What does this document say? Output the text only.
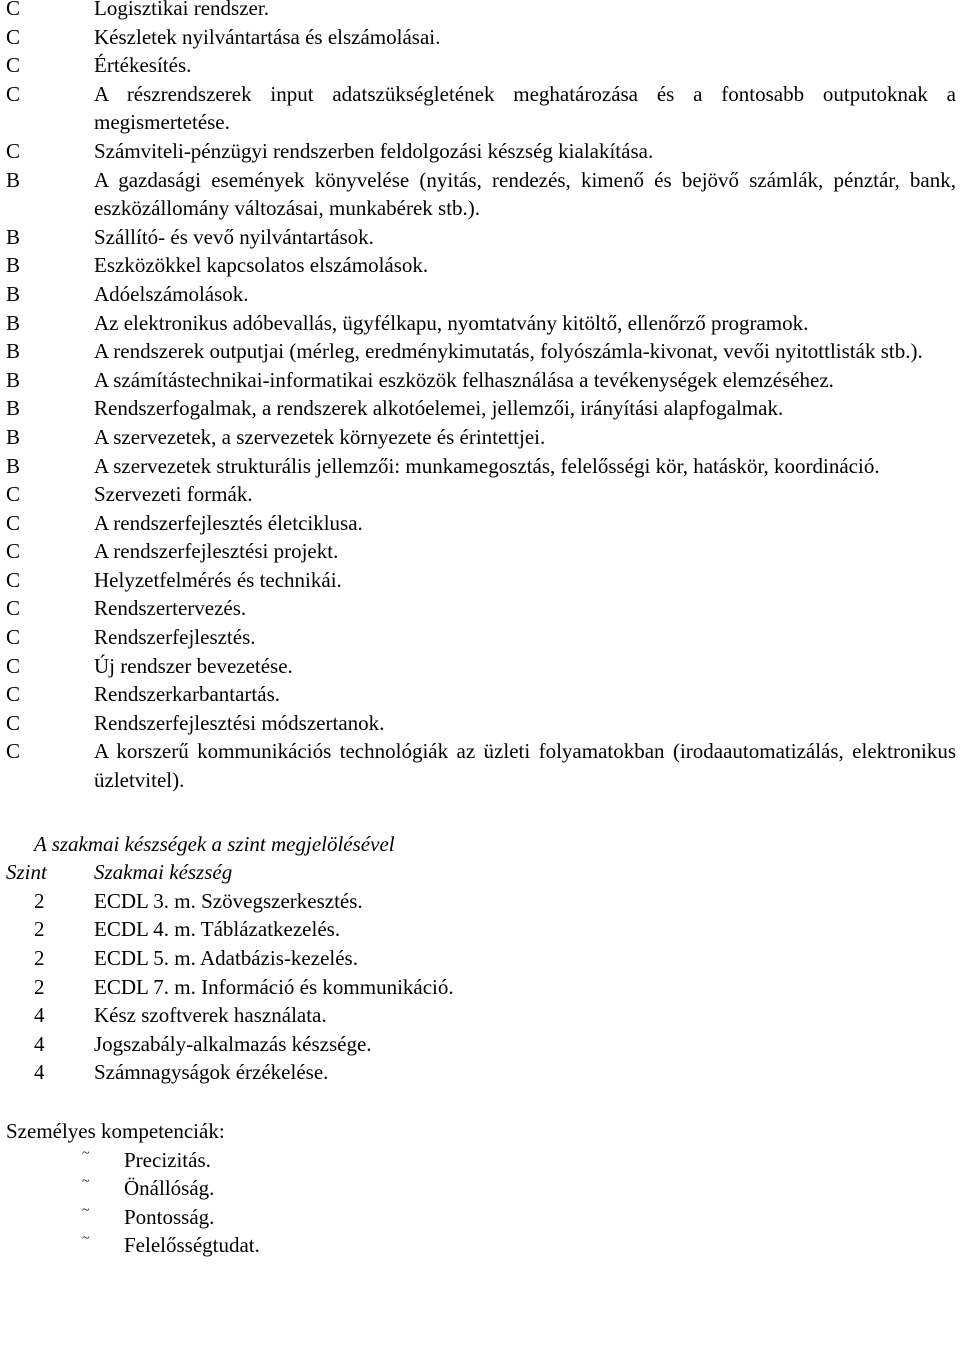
C	Logisztikai rendszer.
C	Készletek nyilvántartása és elszámolásai.
C	Értékesítés.
C	A részrendszerek input adatszükségletének meghatározása és a fontosabb outputoknak a megismertetése.
C	Számviteli-pénzügyi rendszerben feldolgozási készség kialakítása.
B	A gazdasági események könyvelése (nyitás, rendezés, kimenő és bejövő számlák, pénztár, bank, eszközállomány változásai, munkabérek stb.).
B	Szállító- és vevő nyilvántartások.
B	Eszközökkel kapcsolatos elszámolások.
B	Adóelszámolások.
B	Az elektronikus adóbevallás, ügyfélkapu, nyomtatvány kitöltő, ellenőrző programok.
B	A rendszerek outputjai (mérleg, eredménykimutatás, folyószámla-kivonat, vevői nyitottlisták stb.).
B	A számítástechnikai-informatikai eszközök felhasználása a tevékenységek elemzéséhez.
B	Rendszerfogalmak, a rendszerek alkotóelemei, jellemzői, irányítási alapfogalmak.
B	A szervezetek, a szervezetek környezete és érintettjei.
B	A szervezetek strukturális jellemzői: munkamegosztás, felelősségi kör, hatáskör, koordináció.
C	Szervezeti formák.
C	A rendszerfejlesztés életciklusa.
C	A rendszerfejlesztési projekt.
C	Helyzetfelmérés és technikái.
C	Rendszertervezés.
C	Rendszerfejlesztés.
C	Új rendszer bevezetése.
C	Rendszerkarbantartás.
C	Rendszerfejlesztési módszertanok.
C	A korszerű kommunikációs technológiák az üzleti folyamatokban (irodaautomatizálás, elektronikus üzletvitel).
A szakmai készségek a szint megjelölésével
Szint	Szakmai készség
2	ECDL 3. m. Szövegszerkesztés.
2	ECDL 4. m. Táblázatkezelés.
2	ECDL 5. m. Adatbázis-kezelés.
2	ECDL 7. m. Információ és kommunikáció.
4	Kész szoftverek használata.
4	Jogszabály-alkalmazás készsége.
4	Számnagyságok érzékelése.
Személyes kompetenciák:
~	Precizitás.
~	Önállóság.
~	Pontosság.
~	Felelősségtudat.
